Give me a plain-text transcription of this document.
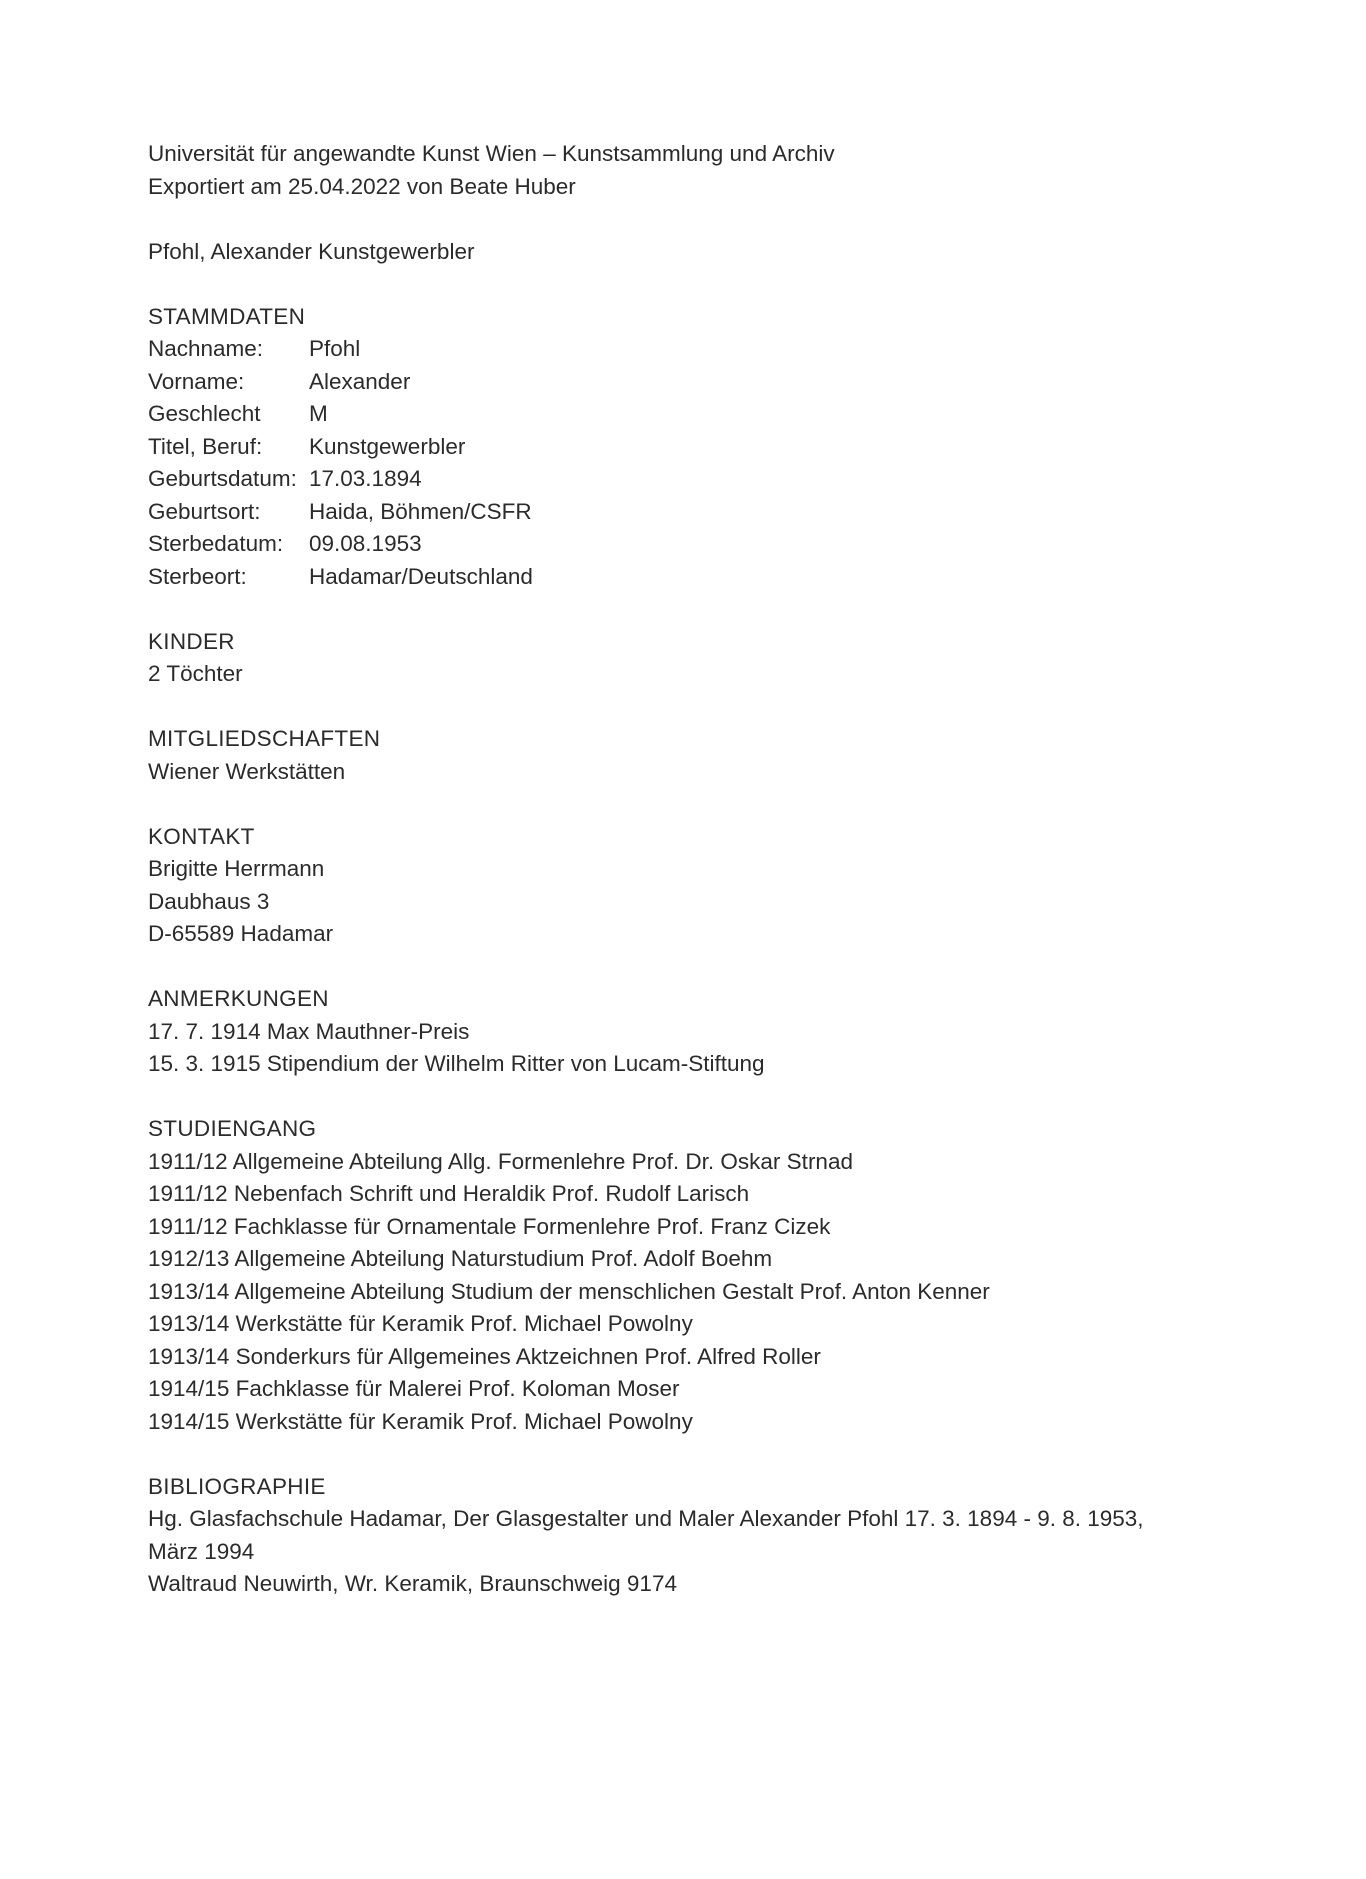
Universität für angewandte Kunst Wien – Kunstsammlung und Archiv
Exportiert am 25.04.2022 von Beate Huber
Pfohl, Alexander Kunstgewerbler
STAMMDATEN
Nachname:	Pfohl
Vorname:	Alexander
Geschlecht	M
Titel, Beruf:	Kunstgewerbler
Geburtsdatum: 17.03.1894
Geburtsort:	Haida, Böhmen/CSFR
Sterbedatum:	09.08.1953
Sterbeort:	Hadamar/Deutschland
KINDER
2 Töchter
MITGLIEDSCHAFTEN
Wiener Werkstätten
KONTAKT
Brigitte Herrmann
Daubhaus 3
D-65589 Hadamar
ANMERKUNGEN
17. 7. 1914 Max Mauthner-Preis
15. 3. 1915 Stipendium der Wilhelm Ritter von Lucam-Stiftung
STUDIENGANG
1911/12 Allgemeine Abteilung Allg. Formenlehre Prof. Dr. Oskar Strnad
1911/12 Nebenfach Schrift und Heraldik Prof. Rudolf Larisch
1911/12 Fachklasse für Ornamentale Formenlehre Prof. Franz Cizek
1912/13 Allgemeine Abteilung Naturstudium Prof. Adolf Boehm
1913/14 Allgemeine Abteilung Studium der menschlichen Gestalt Prof. Anton Kenner
1913/14 Werkstätte für Keramik Prof. Michael Powolny
1913/14 Sonderkurs für Allgemeines Aktzeichnen Prof. Alfred Roller
1914/15 Fachklasse für Malerei Prof. Koloman Moser
1914/15 Werkstätte für Keramik Prof. Michael Powolny
BIBLIOGRAPHIE
Hg. Glasfachschule Hadamar, Der Glasgestalter und Maler Alexander Pfohl 17. 3. 1894 - 9. 8. 1953,
März 1994
Waltraud Neuwirth, Wr. Keramik, Braunschweig 9174
